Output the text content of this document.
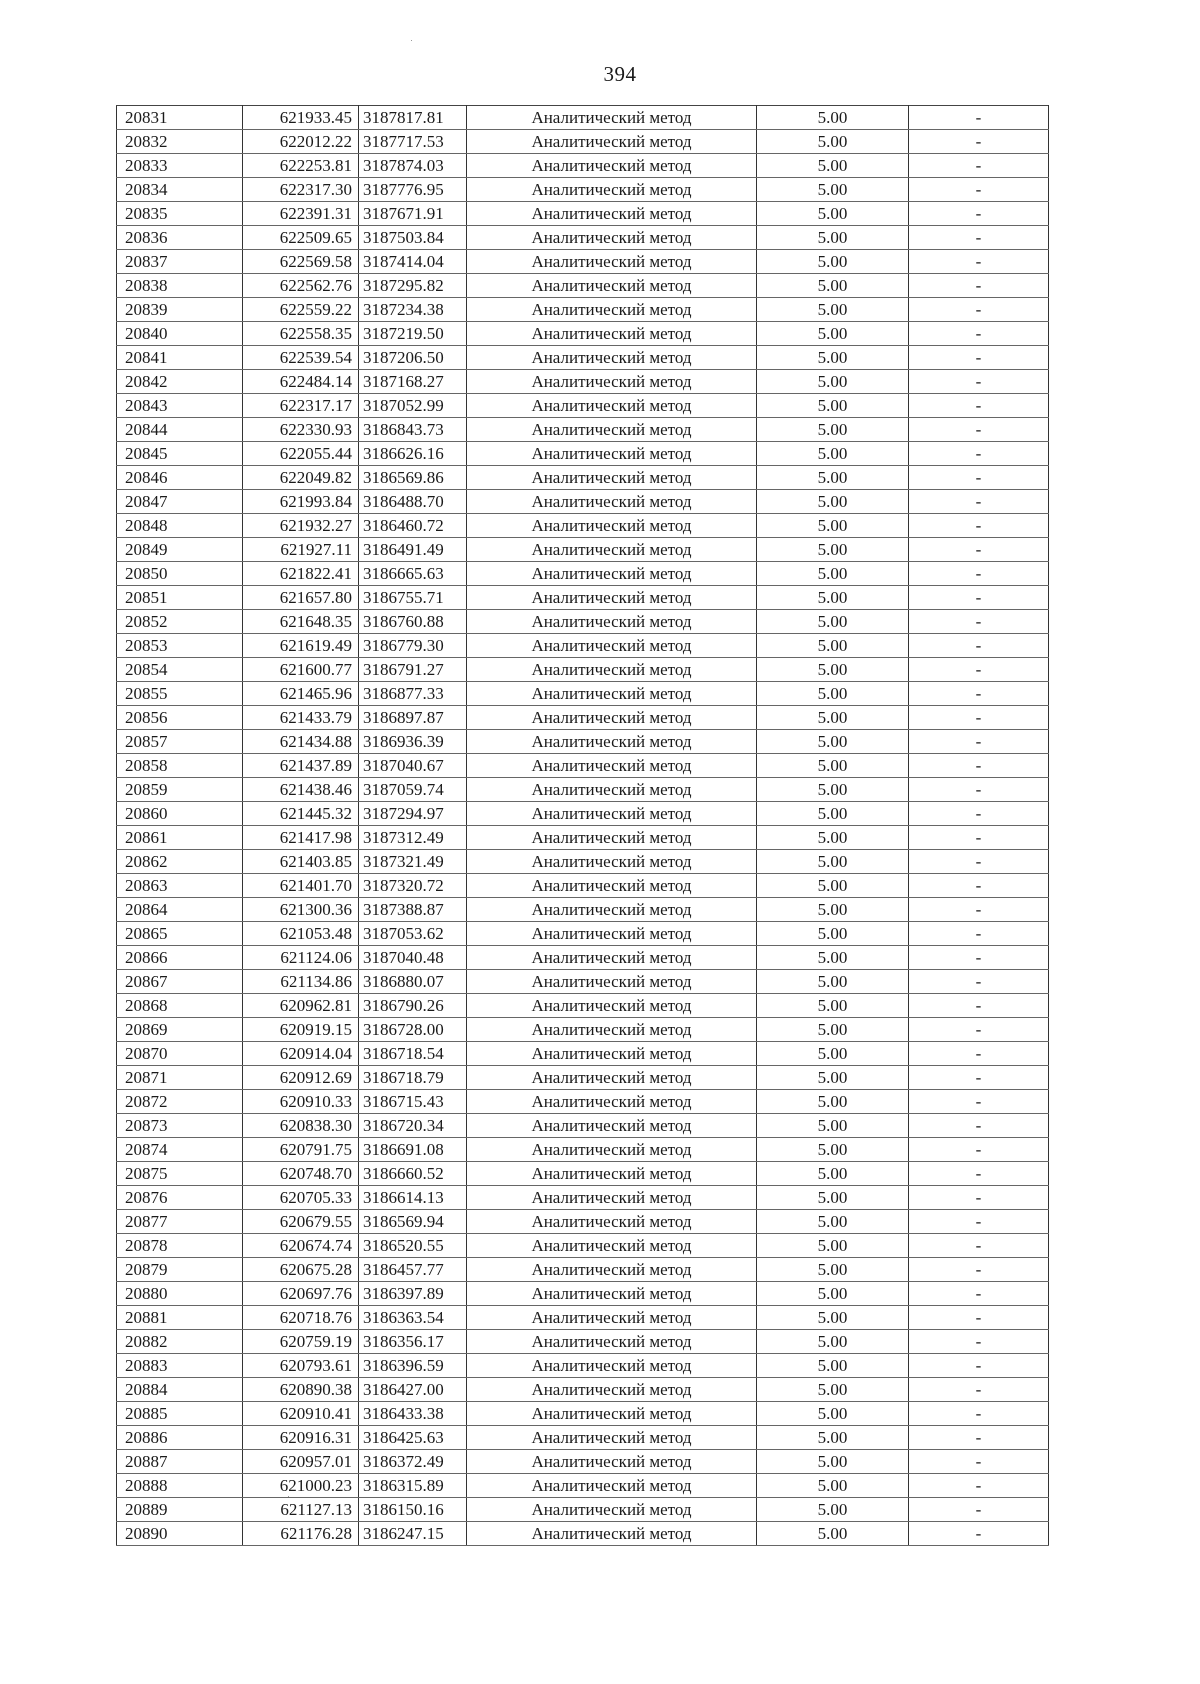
394
20831	621933.45	3187817.81	Аналитический метод	5.00	-
20832	622012.22	3187717.53	Аналитический метод	5.00	-
20833	622253.81	3187874.03	Аналитический метод	5.00	-
20834	622317.30	3187776.95	Аналитический метод	5.00	-
20835	622391.31	3187671.91	Аналитический метод	5.00	-
20836	622509.65	3187503.84	Аналитический метод	5.00	-
20837	622569.58	3187414.04	Аналитический метод	5.00	-
20838	622562.76	3187295.82	Аналитический метод	5.00	-
20839	622559.22	3187234.38	Аналитический метод	5.00	-
20840	622558.35	3187219.50	Аналитический метод	5.00	-
20841	622539.54	3187206.50	Аналитический метод	5.00	-
20842	622484.14	3187168.27	Аналитический метод	5.00	-
20843	622317.17	3187052.99	Аналитический метод	5.00	-
20844	622330.93	3186843.73	Аналитический метод	5.00	-
20845	622055.44	3186626.16	Аналитический метод	5.00	-
20846	622049.82	3186569.86	Аналитический метод	5.00	-
20847	621993.84	3186488.70	Аналитический метод	5.00	-
20848	621932.27	3186460.72	Аналитический метод	5.00	-
20849	621927.11	3186491.49	Аналитический метод	5.00	-
20850	621822.41	3186665.63	Аналитический метод	5.00	-
20851	621657.80	3186755.71	Аналитический метод	5.00	-
20852	621648.35	3186760.88	Аналитический метод	5.00	-
20853	621619.49	3186779.30	Аналитический метод	5.00	-
20854	621600.77	3186791.27	Аналитический метод	5.00	-
20855	621465.96	3186877.33	Аналитический метод	5.00	-
20856	621433.79	3186897.87	Аналитический метод	5.00	-
20857	621434.88	3186936.39	Аналитический метод	5.00	-
20858	621437.89	3187040.67	Аналитический метод	5.00	-
20859	621438.46	3187059.74	Аналитический метод	5.00	-
20860	621445.32	3187294.97	Аналитический метод	5.00	-
20861	621417.98	3187312.49	Аналитический метод	5.00	-
20862	621403.85	3187321.49	Аналитический метод	5.00	-
20863	621401.70	3187320.72	Аналитический метод	5.00	-
20864	621300.36	3187388.87	Аналитический метод	5.00	-
20865	621053.48	3187053.62	Аналитический метод	5.00	-
20866	621124.06	3187040.48	Аналитический метод	5.00	-
20867	621134.86	3186880.07	Аналитический метод	5.00	-
20868	620962.81	3186790.26	Аналитический метод	5.00	-
20869	620919.15	3186728.00	Аналитический метод	5.00	-
20870	620914.04	3186718.54	Аналитический метод	5.00	-
20871	620912.69	3186718.79	Аналитический метод	5.00	-
20872	620910.33	3186715.43	Аналитический метод	5.00	-
20873	620838.30	3186720.34	Аналитический метод	5.00	-
20874	620791.75	3186691.08	Аналитический метод	5.00	-
20875	620748.70	3186660.52	Аналитический метод	5.00	-
20876	620705.33	3186614.13	Аналитический метод	5.00	-
20877	620679.55	3186569.94	Аналитический метод	5.00	-
20878	620674.74	3186520.55	Аналитический метод	5.00	-
20879	620675.28	3186457.77	Аналитический метод	5.00	-
20880	620697.76	3186397.89	Аналитический метод	5.00	-
20881	620718.76	3186363.54	Аналитический метод	5.00	-
20882	620759.19	3186356.17	Аналитический метод	5.00	-
20883	620793.61	3186396.59	Аналитический метод	5.00	-
20884	620890.38	3186427.00	Аналитический метод	5.00	-
20885	620910.41	3186433.38	Аналитический метод	5.00	-
20886	620916.31	3186425.63	Аналитический метод	5.00	-
20887	620957.01	3186372.49	Аналитический метод	5.00	-
20888	621000.23	3186315.89	Аналитический метод	5.00	-
20889	621127.13	3186150.16	Аналитический метод	5.00	-
20890	621176.28	3186247.15	Аналитический метод	5.00	-
